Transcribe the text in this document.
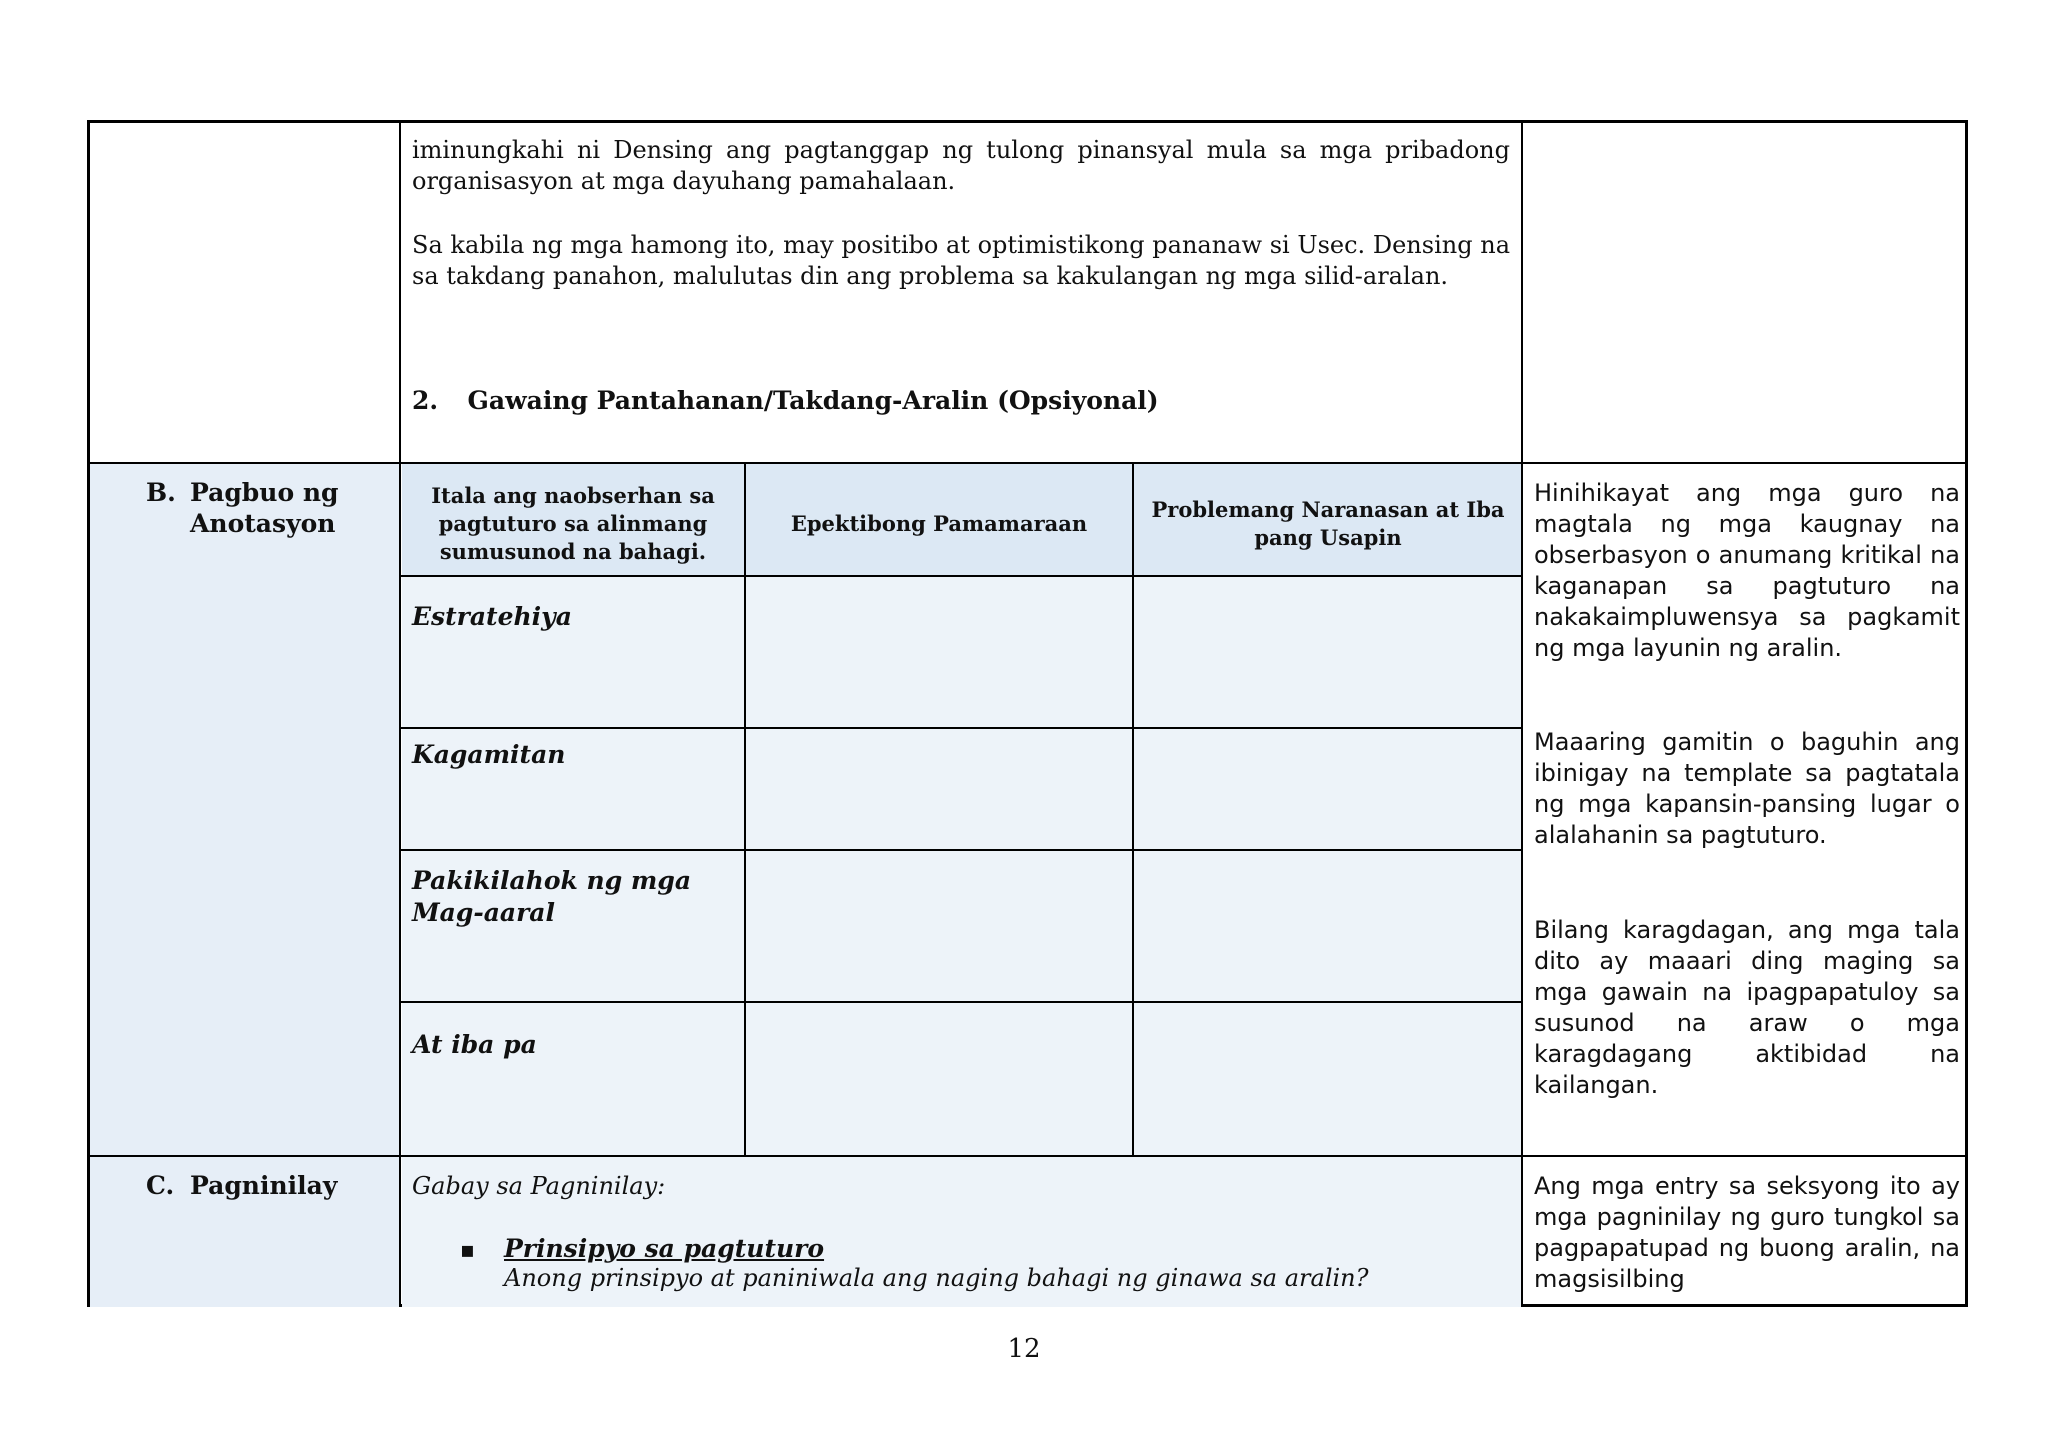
iminungkahi ni Densing ang pagtanggap ng tulong pinansyal mula sa mga pribadong organisasyon at mga dayuhang pamahalaan.
Sa kabila ng mga hamong ito, may positibo at optimistikong pananaw si Usec. Densing na sa takdang panahon, malulutas din ang problema sa kakulangan ng mga silid-aralan.
2. Gawaing Pantahanan/Takdang-Aralin (Opsiyonal)
B. Pagbuo ng
Anotasyon
Itala ang naobserhan sa pagtuturo sa alinmang sumusunod na bahagi.
Epektibong Pamamaraan
Problemang Naranasan at Iba pang Usapin
Estratehiya
Kagamitan
Pakikilahok ng mga Mag-aaral
At iba pa
Hinihikayat ang mga guro na magtala ng mga kaugnay na obserbasyon o anumang kritikal na kaganapan sa pagtuturo na nakakaimpluwensya sa pagkamit ng mga layunin ng aralin.
Maaaring gamitin o baguhin ang ibinigay na template sa pagtatala ng mga kapansin-pansing lugar o alalahanin sa pagtuturo.
Bilang karagdagan, ang mga tala dito ay maaari ding maging sa mga gawain na ipagpapatuloy sa susunod na araw o mga karagdagang aktibidad na kailangan.
C. Pagninilay	Gabay sa Pagninilay:
▪	Prinsipyo sa pagtuturo
Anong prinsipyo at paniniwala ang naging bahagi ng ginawa sa aralin?
Ang mga entry sa seksyong ito ay mga pagninilay ng guro tungkol sa pagpapatupad ng buong aralin, na magsisilbing
12
